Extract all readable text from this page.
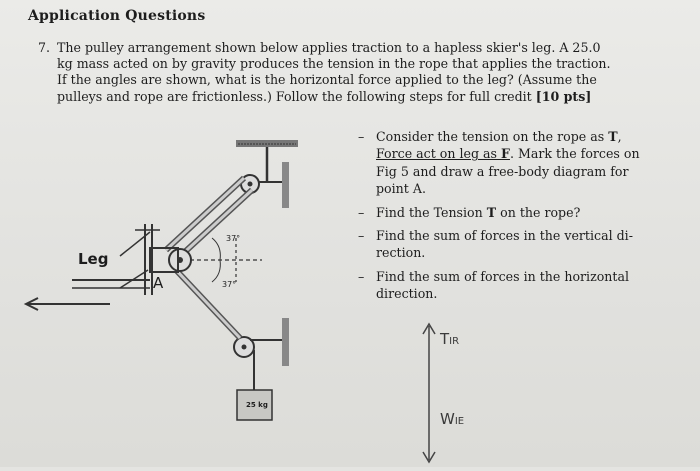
Application Questions
7. The pulley arrangement shown below applies traction to a hapless skier's leg. A 25.0
kg mass acted on by gravity produces the tension in the rope that applies the traction.
If the angles are shown, what is the horizontal force applied to the leg? (Assume the
pulleys and rope are frictionless.) Follow the following steps for full credit [10 pts]
Leg
A
37°
37°
25 kg
– Consider the tension on the rope as T,
Force act on leg as F. Mark the forces on
Fig 5 and draw a free-body diagram for
point A.
– Find the Tension T on the rope?
– Find the sum of forces in the vertical di-
rection.
– Find the sum of forces in the horizontal
direction.
TIR
WIE
